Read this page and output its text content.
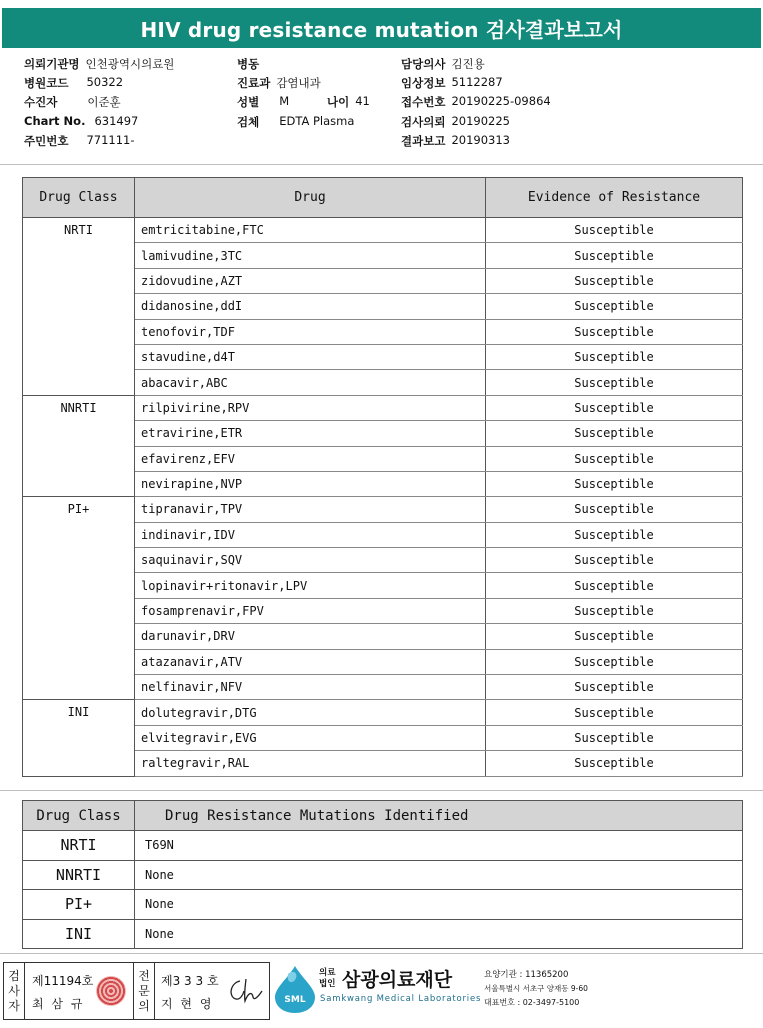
HIV drug resistance mutation 검사결과보고서
의뢰기관명 인천광역시의료원
병원코드 50322
수진자	이준훈
Chart No. 631497
주민번호 771111-
병동
진료과 감염내과
성별 M	나이 41
검체 EDTA Plasma
담당의사 김진용
임상정보 5112287
접수번호 20190225-09864
검사의뢰 20190225
결과보고 20190313
Drug Class	Drug	Evidence of Resistance
NRTI	emtricitabine,FTC	Susceptible
	lamivudine,3TC	Susceptible
	zidovudine,AZT	Susceptible
	didanosine,ddI	Susceptible
	tenofovir,TDF	Susceptible
	stavudine,d4T	Susceptible
	abacavir,ABC	Susceptible
NNRTI	rilpivirine,RPV	Susceptible
	etravirine,ETR	Susceptible
	efavirenz,EFV	Susceptible
	nevirapine,NVP	Susceptible
PI+	tipranavir,TPV	Susceptible
	indinavir,IDV	Susceptible
	saquinavir,SQV	Susceptible
	lopinavir+ritonavir,LPV	Susceptible
	fosamprenavir,FPV	Susceptible
	darunavir,DRV	Susceptible
	atazanavir,ATV	Susceptible
	nelfinavir,NFV	Susceptible
INI	dolutegravir,DTG	Susceptible
	elvitegravir,EVG	Susceptible
	raltegravir,RAL	Susceptible
Drug Class	Drug Resistance Mutations Identified
NRTI	T69N
NNRTI	None
PI+	None
INI	None
검
사
자
제11194호
최 삼 규
전
문
의
제3 3 3 호
지 현 영	SML
의료
법인 삼광의료재단
Samkwang Medical Laboratories
요양기관 : 11365200
서울특별시 서초구 양재동 9-60
대표번호 : 02-3497-5100
